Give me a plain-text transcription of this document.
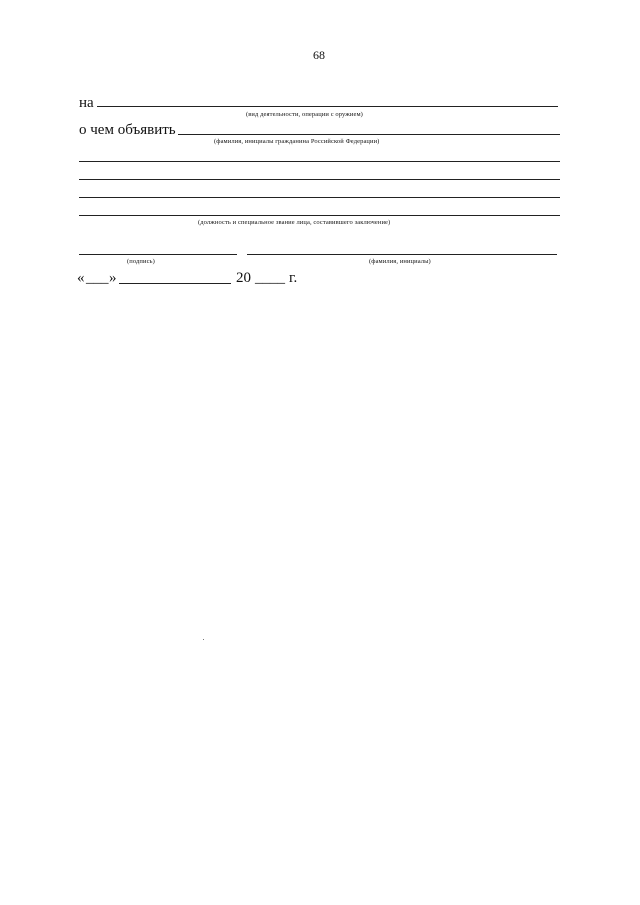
68
на
(вид деятельности, операции с оружием)
о чем объявить
(фамилия, инициалы гражданина Российской Федерации)
(должность и специальное звание лица, составившего заключение)
(подпись)	(фамилия, инициалы)
« ___ »	20 ____ г.
